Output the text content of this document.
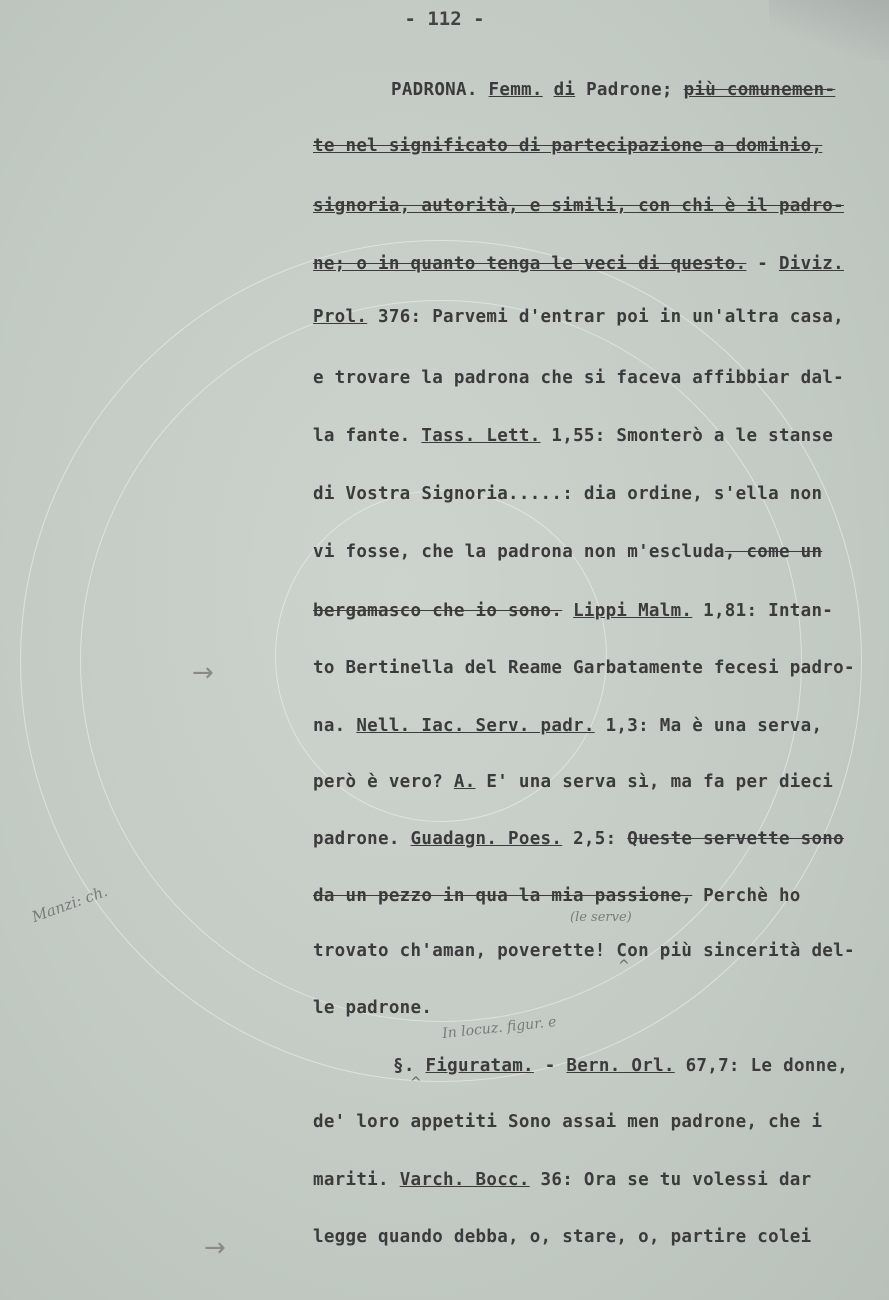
- 112 -
PADRONA. Femm. di Padrone; più comunemen-
te nel significato di partecipazione a dominio,
signoria, autorità, e simili, con chi è il padro-
ne; o in quanto tenga le veci di questo. - Diviz.
Prol. 376: Parvemi d'entrar poi in un'altra casa,
e trovare la padrona che si faceva affibbiar dal-
la fante. Tass. Lett. 1,55: Smonterò a le stanse
di Vostra Signoria.....: dia ordine, s'ella non
vi fosse, che la padrona non m'escluda, come un
bergamasco che io sono. Lippi Malm. 1,81: Intan-
to Bertinella del Reame Garbatamente fecesi padro-
na. Nell. Iac. Serv. padr. 1,3: Ma è una serva,
però è vero? A. E' una serva sì, ma fa per dieci
padrone. Guadagn. Poes. 2,5: Queste servette sono
da un pezzo in qua la mia passione, Perchè ho
trovato ch'aman, poverette! Con più sincerità del-
le padrone.
§. Figuratam. - Bern. Orl. 67,7: Le donne,
de' loro appetiti Sono assai men padrone, che i
mariti. Varch. Bocc. 36: Ora se tu volessi dar
legge quando debba, o, stare, o, partire colei
→
→
Manzi: ch.	(le serve)
In locuz. figur. e
^
^
